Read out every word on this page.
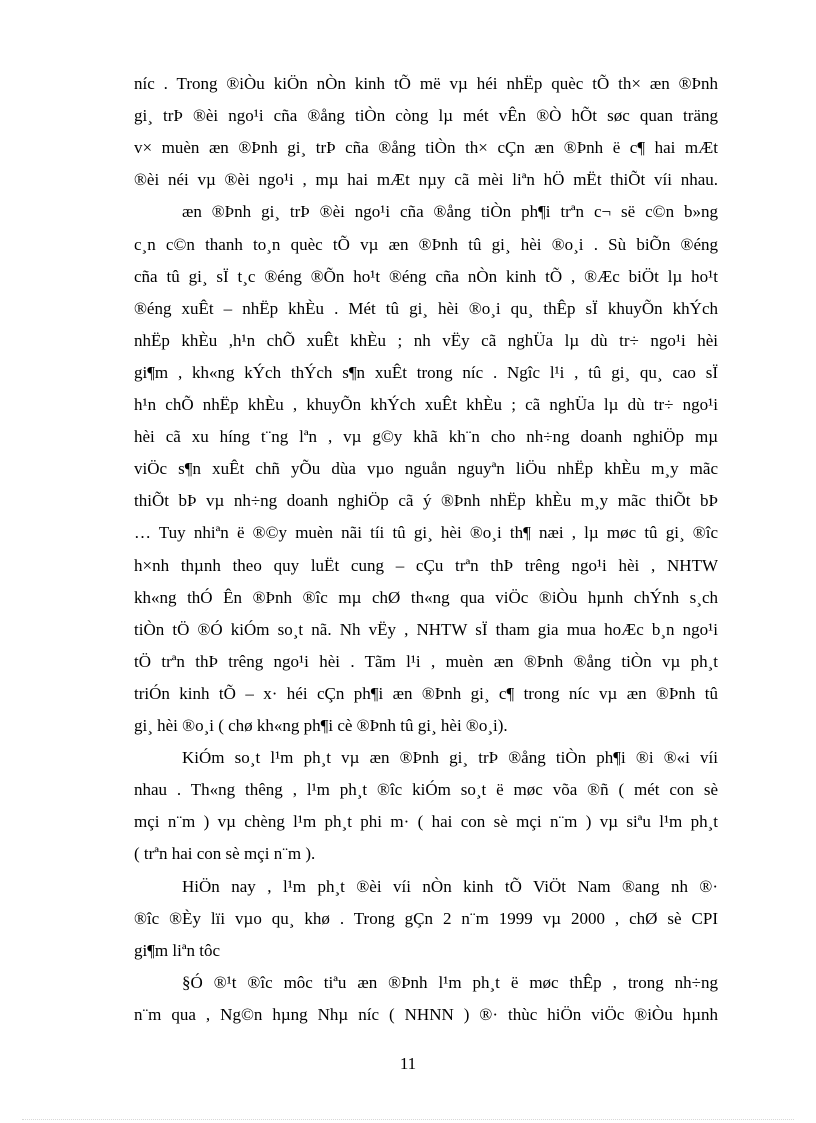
níc . Trong ®iÒu kiÖn nÒn kinh tÕ më vµ héi nhËp quèc tÕ th× æn ®Þnh
gi¸ trÞ ®èi ngo¹i cña ®ång tiÒn còng lµ mét vÊn ®Ò hÕt søc quan träng
v× muèn æn ®Þnh gi¸ trÞ cña ®ång tiÒn th× cÇn æn ®Þnh ë c¶ hai mÆt
®èi néi vµ ®èi ngo¹i , mµ hai mÆt nµy cã mèi liªn hÖ mËt thiÕt víi nhau.
æn ®Þnh gi¸ trÞ ®èi ngo¹i cña ®ång tiÒn ph¶i trªn c¬ së c©n b»ng
c¸n c©n thanh to¸n quèc tÕ vµ æn ®Þnh tû gi¸ hèi ®o¸i . Sù biÕn ®éng
cña tû gi¸ sÏ t¸c ®éng ®Õn ho¹t ®éng cña nÒn kinh tÕ , ®Æc biÖt lµ ho¹t
®éng xuÊt – nhËp khÈu . Mét tû gi¸ hèi ®o¸i qu¸ thÊp sÏ khuyÕn khÝch
nhËp khÈu ,h¹n chÕ xuÊt khÈu ; nh vËy cã nghÜa lµ dù tr÷ ngo¹i hèi
gi¶m , kh«ng kÝch thÝch s¶n xuÊt trong níc . Ngîc l¹i , tû gi¸ qu¸ cao sÏ
h¹n chÕ nhËp khÈu , khuyÕn khÝch xuÊt khÈu ; cã nghÜa lµ dù tr÷ ngo¹i
hèi cã xu híng t¨ng lªn , vµ g©y khã kh¨n cho nh÷ng doanh nghiÖp mµ
viÖc s¶n xuÊt chñ yÕu dùa vµo nguån nguyªn liÖu nhËp khÈu m¸y mãc
thiÕt bÞ vµ nh÷ng doanh nghiÖp cã ý ®Þnh nhËp khÈu m¸y mãc thiÕt bÞ
… Tuy nhiªn ë ®©y muèn nãi tíi tû gi¸ hèi ®o¸i th¶ næi , lµ møc tû gi¸ ®îc
h×nh thµnh theo quy luËt cung – cÇu trªn thÞ trêng ngo¹i hèi , NHTW
kh«ng thÓ Ên ®Þnh ®îc mµ chØ th«ng qua viÖc ®iÒu hµnh chÝnh s¸ch
tiÒn tÖ ®Ó kiÓm so¸t nã. Nh vËy , NHTW sÏ tham gia mua hoÆc b¸n ngo¹i
tÖ trªn thÞ trêng ngo¹i hèi . Tãm l¹i , muèn æn ®Þnh ®ång tiÒn vµ ph¸t
triÓn kinh tÕ – x· héi cÇn ph¶i æn ®Þnh gi¸ c¶ trong níc vµ æn ®Þnh tû
gi¸ hèi ®o¸i ( chø kh«ng ph¶i cè ®Þnh tû gi¸ hèi ®o¸i).
KiÓm so¸t l¹m ph¸t vµ æn ®Þnh gi¸ trÞ ®ång tiÒn ph¶i ®i ®«i víi
nhau . Th«ng thêng , l¹m ph¸t ®îc kiÓm so¸t ë møc võa ®ñ ( mét con sè
mçi n¨m ) vµ chèng l¹m ph¸t phi m· ( hai con sè mçi n¨m ) vµ siªu l¹m ph¸t
( trªn hai con sè mçi n¨m ).
HiÖn nay , l¹m ph¸t ®èi víi nÒn kinh tÕ ViÖt Nam ®ang nh ®·
®îc ®Èy lïi vµo qu¸ khø . Trong gÇn 2 n¨m 1999 vµ 2000 , chØ sè CPI
gi¶m liªn tôc
§Ó ®¹t ®îc môc tiªu æn ®Þnh l¹m ph¸t ë møc thÊp , trong nh÷ng
n¨m qua , Ng©n hµng Nhµ níc ( NHNN ) ®· thùc hiÖn viÖc ®iÒu hµnh
11
